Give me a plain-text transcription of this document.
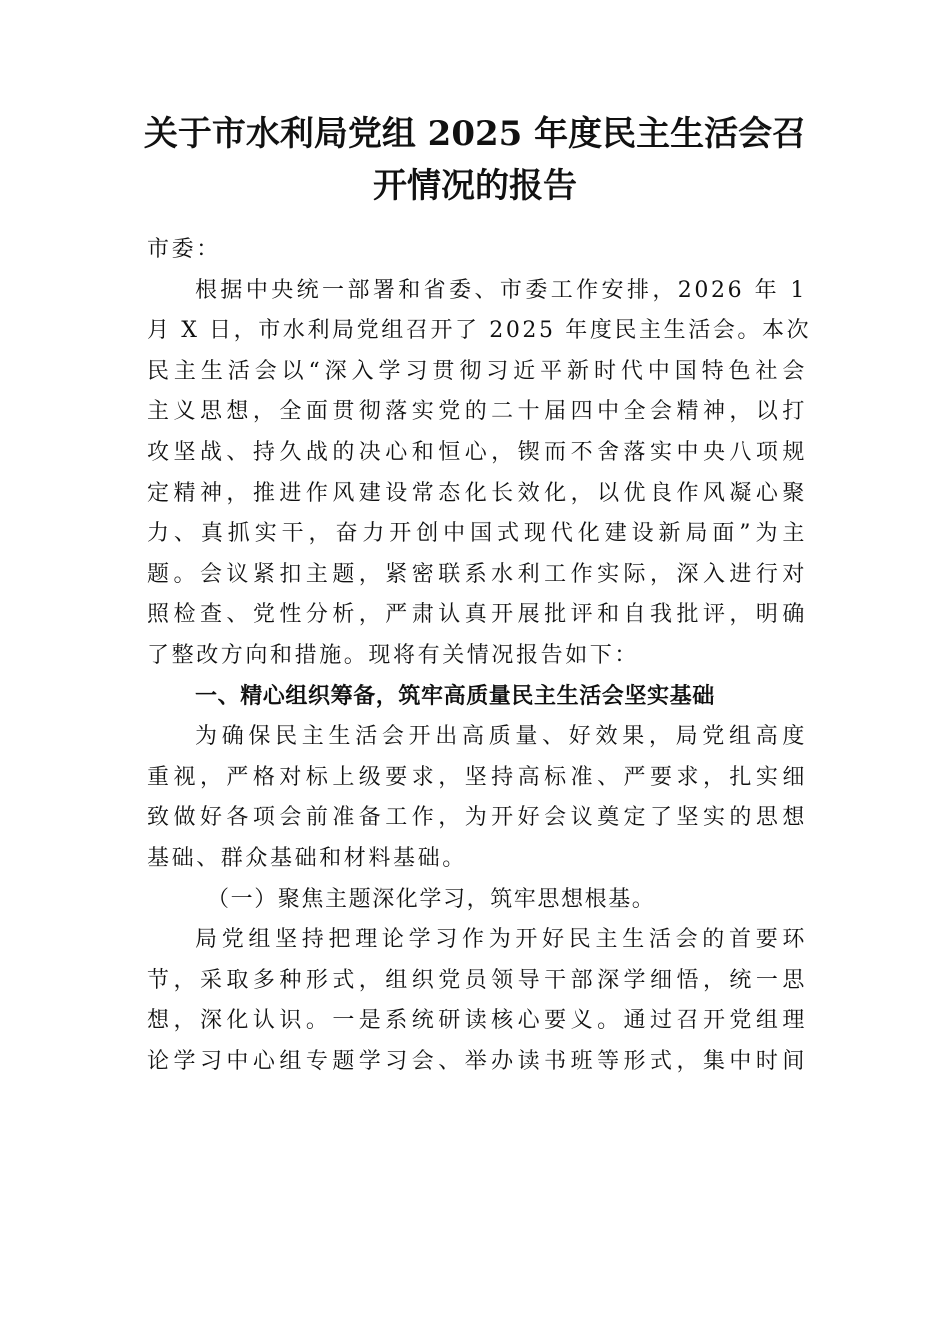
关于市水利局党组 2025 年度民主生活会召
开情况的报告
市委：
根据中央统一部署和省委、市委工作安排，2026 年 1
月 X 日，市水利局党组召开了 2025 年度民主生活会。本次
民主生活会以“深入学习贯彻习近平新时代中国特色社会
主义思想，全面贯彻落实党的二十届四中全会精神，以打
攻坚战、持久战的决心和恒心，锲而不舍落实中央八项规
定精神，推进作风建设常态化长效化，以优良作风凝心聚
力、真抓实干，奋力开创中国式现代化建设新局面”为主
题。会议紧扣主题，紧密联系水利工作实际，深入进行对
照检查、党性分析，严肃认真开展批评和自我批评，明确
了整改方向和措施。现将有关情况报告如下：
一、精心组织筹备，筑牢高质量民主生活会坚实基础
为确保民主生活会开出高质量、好效果，局党组高度
重视，严格对标上级要求，坚持高标准、严要求，扎实细
致做好各项会前准备工作，为开好会议奠定了坚实的思想
基础、群众基础和材料基础。
（一）聚焦主题深化学习，筑牢思想根基。
局党组坚持把理论学习作为开好民主生活会的首要环
节，采取多种形式，组织党员领导干部深学细悟，统一思
想，深化认识。一是系统研读核心要义。通过召开党组理
论学习中心组专题学习会、举办读书班等形式，集中时间
